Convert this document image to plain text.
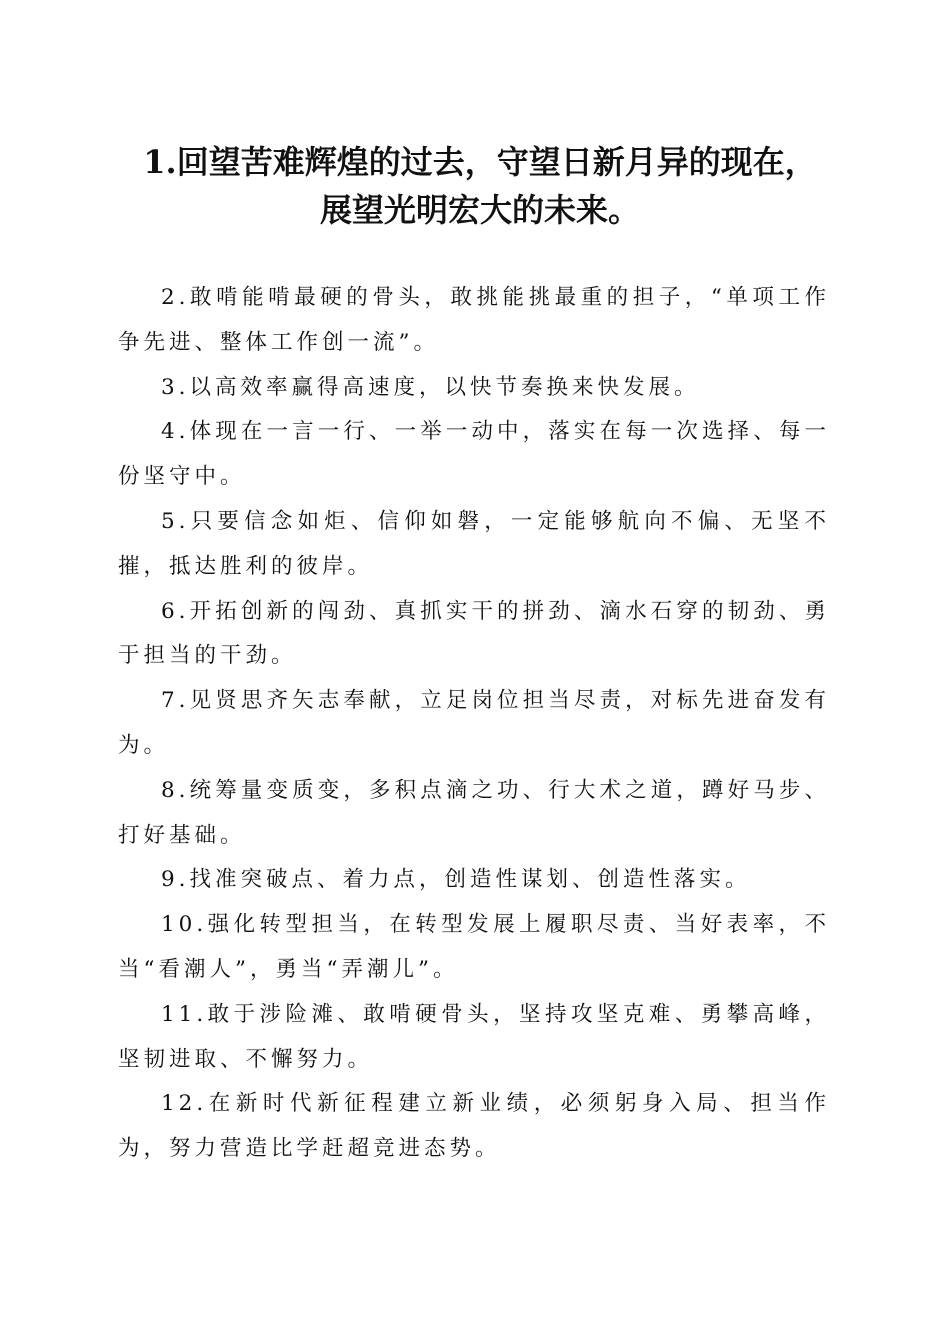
1.回望苦难辉煌的过去，守望日新月异的现在，
展望光明宏大的未来。

2.敢啃能啃最硬的骨头，敢挑能挑最重的担子，“单项工作争先进、整体工作创一流”。

3.以高效率赢得高速度，以快节奏换来快发展。

4.体现在一言一行、一举一动中，落实在每一次选择、每一份坚守中。

5.只要信念如炬、信仰如磐，一定能够航向不偏、无坚不摧，抵达胜利的彼岸。

6.开拓创新的闯劲、真抓实干的拼劲、滴水石穿的韧劲、勇于担当的干劲。

7.见贤思齐矢志奉献，立足岗位担当尽责，对标先进奋发有为。

8.统筹量变质变，多积点滴之功、行大术之道，蹲好马步、打好基础。

9.找准突破点、着力点，创造性谋划、创造性落实。

10.强化转型担当，在转型发展上履职尽责、当好表率，不当“看潮人”，勇当“弄潮儿”。

11.敢于涉险滩、敢啃硬骨头，坚持攻坚克难、勇攀高峰，坚韧进取、不懈努力。

12.在新时代新征程建立新业绩，必须躬身入局、担当作为，努力营造比学赶超竞进态势。
